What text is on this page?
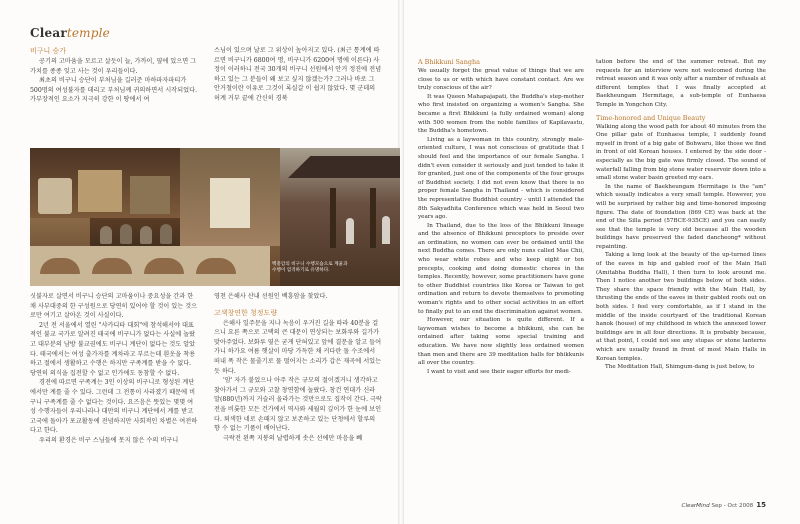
Cleartemple
비구니 승가

공기의 고마움을 모르고 살듯이 늘, 가까이, 옆에 있으면 그 가치를 종종 잊고 사는 것이 우리들이다.

최초의 비구니 승단이 부처님을 길러준 마하파자파티가 500명의 여성불자를 데리고 부처님께 귀의하면서 시작되었다. 가부장적인 요소가 지극히 강한 이 땅에서 여

스님이 있으며 날로 그 위상이 높아지고 있다. (최근 통계에 따르면 비구니가 6800여 명, 비구니가 6200여 명에 이른다) 사정이 이러하니 전국 30개의 비구니 선원에서 안거 정진에 전념하고 있는 그 분들이 왜 보고 싶지 않겠는가? 그러나 바로 그 안거철이란 이유로 그것이 록실갈 이 쉽지 않았다. 몇 군데의 허계 거부 끝에 간신히 경북

백흥암의 비구니 수행모습으로 계율과 수행이 엄격하기로 유명하다.

싯불자로 살면서 비구니 승단의 고마움이나 중요성을 간과 한 채 사부대중의 한 구성원으로 당연히 있어야 할 것이 있는 것으로만 여기고 살아온 것이 사실이다.

2년 전 서울에서 열린 "샤카디타 대회"에 참석해서야 대표적인 불교 국가로 알려진 태국에 비구니가 없다는 사실에 놀랐고 대부분의 남방 불교권에도 비구니 계단이 없다는 것도 알았다. 태국에서는 여성 출가자를 계차라고 부르는데 흰옷을 착용하고 절에서 생활하고 수행은 하지만 구족계를 받을 수 없다. 당연히 의식을 집전할 수 없고 인가에도 동참할 수 없다.

경전에 따르면 구족계는 3인 이상의 비구니로 형성된 계단에서만 계를 줄 수 있다. 그런데 그 전통이 사라졌기 때문에 비구니 구족계를 줄 수 없다는 것이다. 요즈음은 뜻있는 몇몇 여성 수행자들이 우리나라나 대만의 비구니 계단에서 계를 받고 고국에 돌아가 포교활동에 전념하지만 사회적인 차별은 여전하다고 한다.

우리의 환경은 비구 스님들에 못지 않은 수의 비구니

영천 은해사 산내 선원인 백흥암을 찾았다.

고색창연한 청정도량

은해사 일주문을 지나 녹음이 우거진 길을 따라 40분을 걸으니 요른 쪽으로 고택의 큰 대문이 연상되는 보화루와 길가가 맞아주었다. 보화루 옆은 굳게 단혀있고 앞에 결문을 알고 들어가니 하가요 여름 햇살이 마당 가득한 채 커다란 돌 수조에서 떠내 폭 작은 물줄기로 물 떨어지는 소리가 갑은 재곡에 서있는 듯 하다.

'암' 자가 붙었으나 아주 작은 규모의 절이겠거니 생각하고 찾아가서 그 규모와 고찰 창연함에 놀랐다. 창건 연대가 신라 말(880년)까지 거슬러 올라가는 것만으로도 집작이 간다. 극락전을 비롯한 모든 건가에서 역사와 세월의 깊이가 한 눈에 보인다. 퇴색한 네로 손때지 않고 보존하고 있는 단청에서 할루의 향 수 없는 기품이 배어난다.

극락전 왼쪽 지붕의 날렵하게 솟은 선에만 마음을 빼

A Bhikkuni Sangha

We usually forget the great value of things that we are close to us or with which have constant contact. Are we truly conscious of the air?

It was Queen Mahapajapati, the Buddha's step-mother who first insisted on organizing a women's Sangha. She became a first Bhikkuni (a fully ordained woman) along with 500 women from the noble families of Kapilavastu, the Buddha's hometown.

Living as a laywoman in this country, strongly male-oriented culture, I was not conscious of gratitude that I should feel and the importance of our female Sangha. I didn't even consider it seriously and just tended to take it for granted, just one of the components of the four groups of Buddhist society. I did not even know that there is no proper female Sangha in Thailand - which is considered the representative Buddhist country - until I attended the 8th Sakyadhita Conference which was held in Seoul two years ago.

In Thailand, due to the loss of the Bhikkuni lineage and the absence of Bhikkuni preceptors to preside over an ordination, no women can ever be ordained until the next Buddha comes. There are only nuns called Mae Chii, who wear white robes and who keep eight or ten precepts, cooking and doing domestic chores in the temples. Recently, however, some practitioners have gone to other Buddhist countries like Korea or Taiwan to get ordination and return to devote themselves to promoting woman's rights and to other social activities in an effort to finally put to an end the discrimination against women.

However, our situation is quite different. If a laywoman wishes to become a bhikkuni, she can be ordained after taking some special training and education. We have now slightly less ordained women than men and there are 39 meditation halls for bhikkunis all over the country.

I want to visit and see their eager efforts for medi-

tation before the end of the summer retreat. But my requests for an interview were not welcomed during the retreat season and it was only after a number of refusals at different temples that I was finally accepted at Baekheungam Hermitage, a sub-temple of Eunhaesa Temple in Yongchon City.

Time-honored and Unique Beauty

Walking along the wood path for about 40 minutes from the One pillar gate of Eunhaesa temple, I suddenly found myself in front of a big gate of Bohwaru, like those we find in front of old Korean houses. I entered by the side door - especially as the big gate was firmly closed. The sound of waterfall falling from big stone water reservoir down into a small stone water basin greeted my ears.

In the name of Baekheungam Hermitage is the "am" which usually indicates a very small temple. However, you will be surprised by rather big and time-honored imposing figure. The date of foundation (869 CE) was back at the end of the Silla period (57BCE-935CE) and you can easily see that the temple is very old because all the wooden buildings have preserved the faded dancheong* without repainting.

Taking a long look at the beauty of the up-turned lines of the eaves in hip and gabled roof of the Main Hall (Amitabha Buddha Hall), I then turn to look around me. Then I notice another two buildings below of both sides. They share the space friendly with the Main Hall, by thrusting the ends of the eaves in their gabled roofs out on both sides. I feel very comfortable, as if I stand in the middle of the inside courtyard of the traditional Korean hanok (house) of my childhood in which the annexed lower buildings are in all four directions. It is probably because, at that point, I could not see any stupas or stone lanterns which are usually found in front of most Main Halls in Korean temples.

The Meditation Hall, Shimgum-dang is just below, to

ClearMind Sep - Oct 2008 15
